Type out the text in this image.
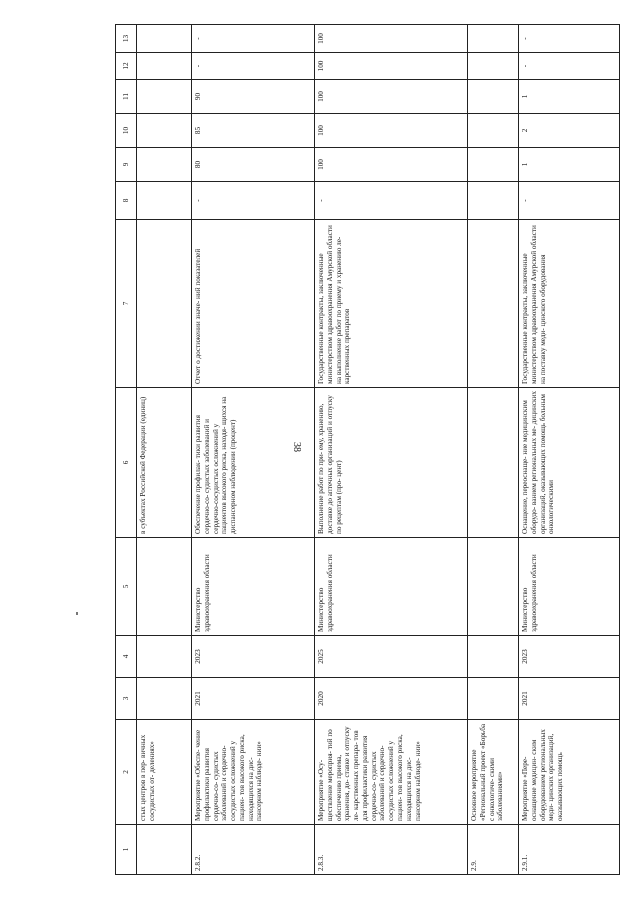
38
1	2	3	4	5	6	7	8	9	10	11	12	13
	стых центров в пер- вичных сосудистых от- делениях»				в субъектах Российской Федерации (единиц)							
2.8.2.	Мероприятие «Обеспе- чение профилактики развития сердечно-со- судистых заболеваний и сердечно-сосудистых осложнений у пациен- тов высокого риска, находящихся на дис- пансерном наблюде- нии»	2021	2023	Министерство здравоохранения области	Обеспечение профилак- тики развития сердечно-со- судистых заболеваний и сердечно-сосудистых осложнений у пациентов высокого риска, находя- щихся на диспансерном наблюдении (процент)	Отчет о достижении значе- ний показателей	-	80	85	90	-	-
2.8.3.	Мероприятие «Осу- ществление мероприя- тий по обеспечению приема, хранения, до- ставке и отпуску ле- карственных препара- тов для профилактики развития сердечно-со- судистых заболеваний и сердечно-сосудистых осложнений у пациен- тов высокого риска, находящихся на дис- пансерном наблюде- нии»	2020	2025	Министерство здравоохранения области	Выполнение работ по при- ему, хранению, доставке до аптечных организаций и отпуску по рецептам (про- цент)	Государственные контракты, заключенные министерством здравоохранения Амурской области на выполнение работ по приему и хранению ле- карственных препаратов	-	100	100	100	100	100
2.9.	Основное мероприятие «Региональный проект «Борьба с онкологиче- скими заболеваниями»											
2.9.1.	Мероприятие «Пере- оснащение медицин- ским оборудованием региональных меди- цинских организаций, оказывающих помощь	2021	2023	Министерство здравоохранения области	Оснащение, переоснаще- ние медицинским оборудо- ванием региональных ме- дицинских организаций, оказывающих помощь больным онкологическими	Государственные контракты, заключенные министерством здравоохранения Амурской области на поставку меди- цинского оборудования	-	1	2	1	-	-
